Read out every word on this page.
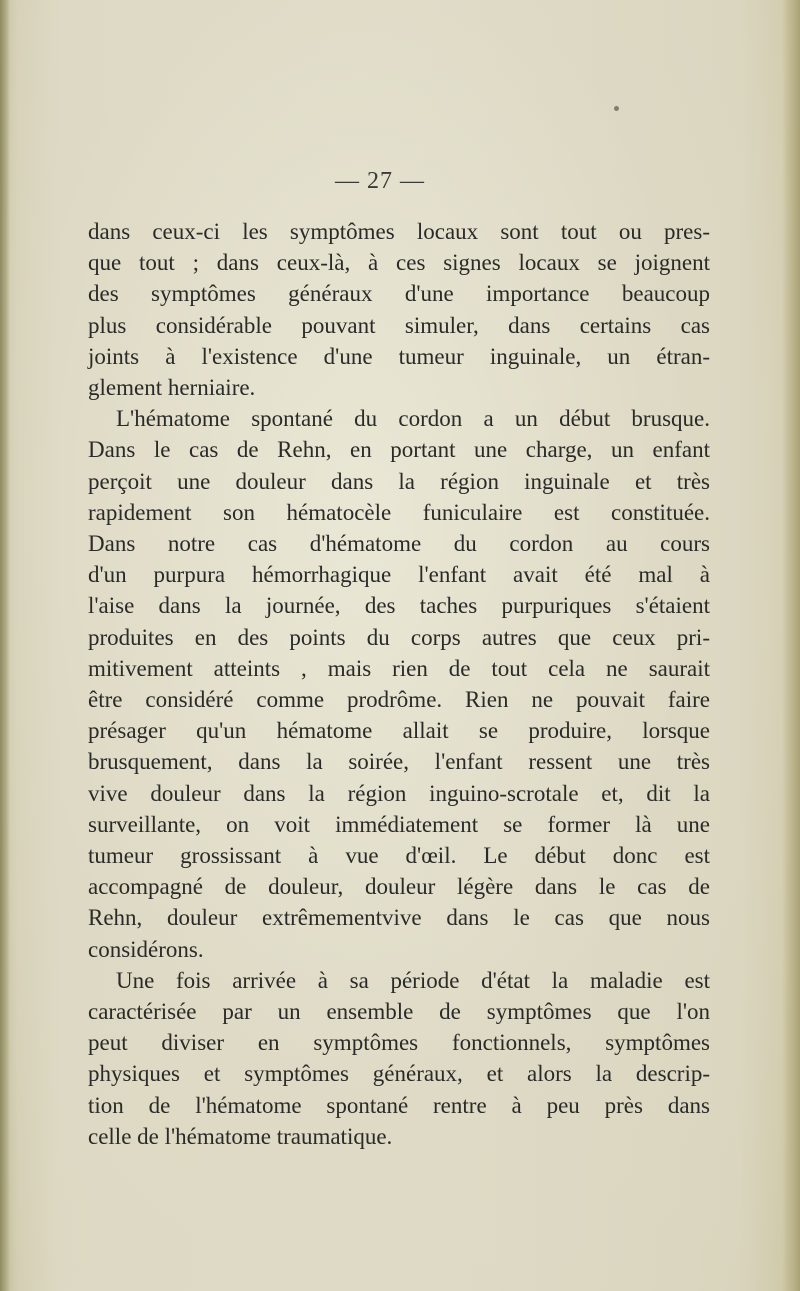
— 27 —
dans ceux-ci les symptômes locaux sont tout ou pres-
que tout ; dans ceux-là, à ces signes locaux se joignent
des symptômes généraux d'une importance beaucoup
plus considérable pouvant simuler, dans certains cas
joints à l'existence d'une tumeur inguinale, un étran-
glement herniaire.
L'hématome spontané du cordon a un début brusque.
Dans le cas de Rehn, en portant une charge, un enfant
perçoit une douleur dans la région inguinale et très
rapidement son hématocèle funiculaire est constituée.
Dans notre cas d'hématome du cordon au cours
d'un purpura hémorrhagique l'enfant avait été mal à
l'aise dans la journée, des taches purpuriques s'étaient
produites en des points du corps autres que ceux pri-
mitivement atteints , mais rien de tout cela ne saurait
être considéré comme prodrôme. Rien ne pouvait faire
présager qu'un hématome allait se produire, lorsque
brusquement, dans la soirée, l'enfant ressent une très
vive douleur dans la région inguino-scrotale et, dit la
surveillante, on voit immédiatement se former là une
tumeur grossissant à vue d'œil. Le début donc est
accompagné de douleur, douleur légère dans le cas de
Rehn, douleur extrêmementvive dans le cas que nous
considérons.
Une fois arrivée à sa période d'état la maladie est
caractérisée par un ensemble de symptômes que l'on
peut diviser en symptômes fonctionnels, symptômes
physiques et symptômes généraux, et alors la descrip-
tion de l'hématome spontané rentre à peu près dans
celle de l'hématome traumatique.
